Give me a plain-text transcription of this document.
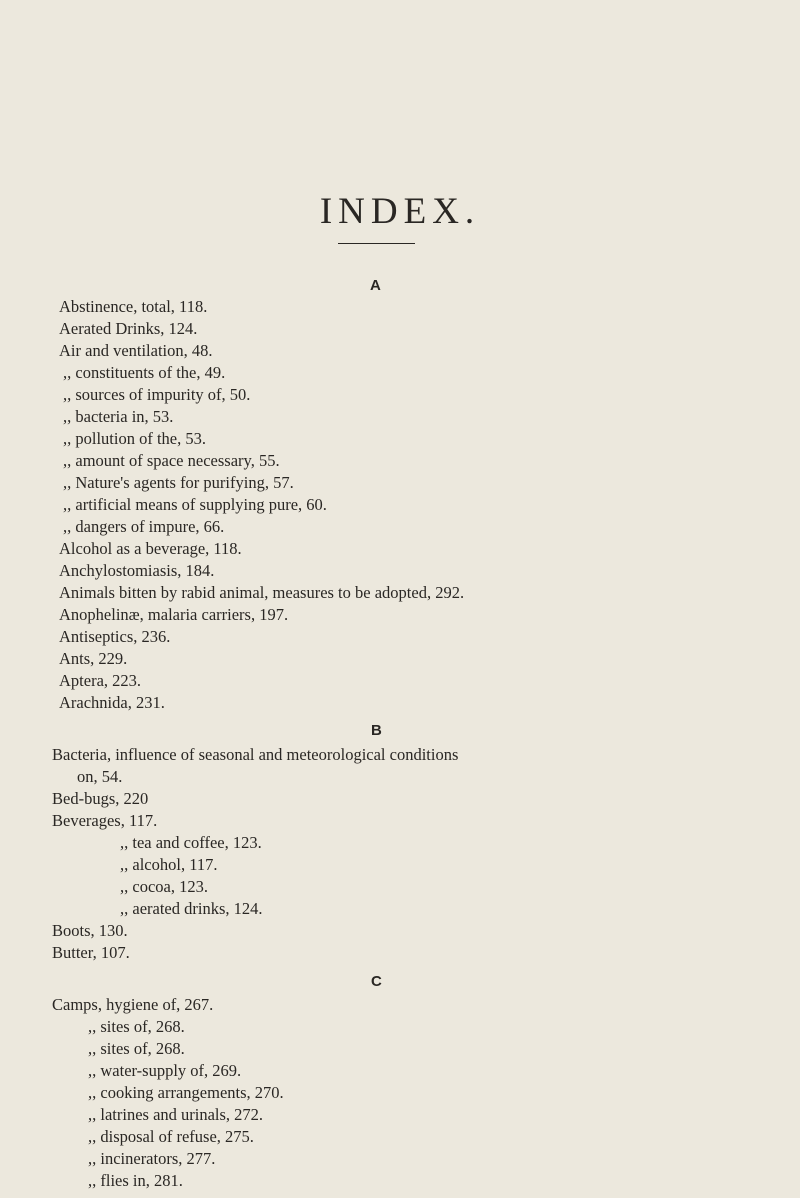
INDEX.
A
Abstinence, total, 118.
Aerated Drinks, 124.
Air and ventilation, 48.
,, constituents of the, 49.
,, sources of impurity of, 50.
,, bacteria in, 53.
,, pollution of the, 53.
,, amount of space necessary, 55.
,, Nature's agents for purifying, 57.
,, artificial means of supplying pure, 60.
,, dangers of impure, 66.
Alcohol as a beverage, 118.
Anchylostomiasis, 184.
Animals bitten by rabid animal, measures to be adopted, 292.
Anophelinæ, malaria carriers, 197.
Antiseptics, 236.
Ants, 229.
Aptera, 223.
Arachnida, 231.
B
Bacteria, influence of seasonal and meteorological conditions
on, 54.
Bed-bugs, 220
Beverages, 117.
,, tea and coffee, 123.
,, alcohol, 117.
,, cocoa, 123.
,, aerated drinks, 124.
Boots, 130.
Butter, 107.
C
Camps, hygiene of, 267.
,, sites of, 268.
,, sites of, 268.
,, water-supply of, 269.
,, cooking arrangements, 270.
,, latrines and urinals, 272.
,, disposal of refuse, 275.
,, incinerators, 277.
,, flies in, 281.
